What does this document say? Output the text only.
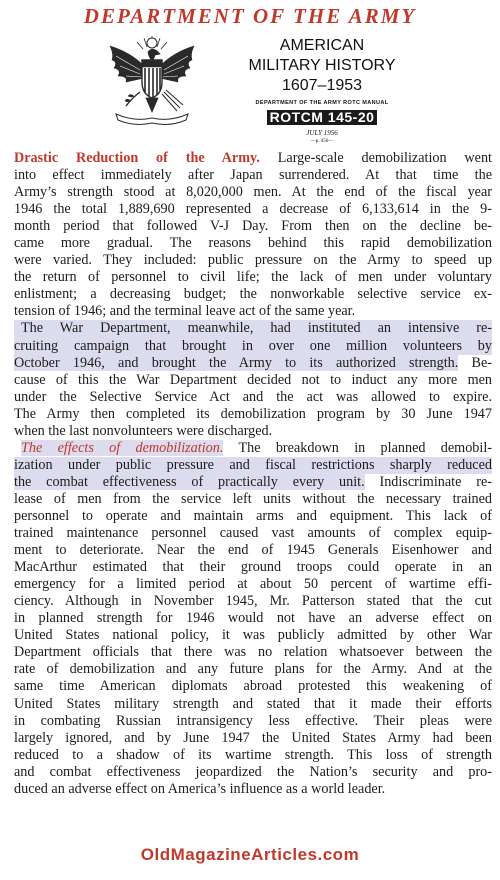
DEPARTMENT OF THE ARMY
AMERICAN
MILITARY HISTORY
1607–1953
DEPARTMENT OF THE ARMY ROTC MANUAL
ROTCM 145-20
JULY 1956
—p. 456—
Drastic Reduction of the Army. Large-scale demobilization went
into effect immediately after Japan surrendered. At that time the
Army’s strength stood at 8,020,000 men. At the end of the fiscal year
1946 the total 1,889,690 represented a decrease of 6,133,614 in the 9-
month period that followed V-J Day. From then on the decline be-
came more gradual. The reasons behind this rapid demobilization
were varied. They included: public pressure on the Army to speed up
the return of personnel to civil life; the lack of men under voluntary
enlistment; a decreasing budget; the nonworkable selective service ex-
tension of 1946; and the terminal leave act of the same year.
The War Department, meanwhile, had instituted an intensive re-
cruiting campaign that brought in over one million volunteers by
October 1946, and brought the Army to its authorized strength. Be-
cause of this the War Department decided not to induct any more men
under the Selective Service Act and the act was allowed to expire.
The Army then completed its demobilization program by 30 June 1947
when the last nonvolunteers were discharged.
The effects of demobilization. The breakdown in planned demobil-
ization under public pressure and fiscal restrictions sharply reduced
the combat effectiveness of practically every unit. Indiscriminate re-
lease of men from the service left units without the necessary trained
personnel to operate and maintain arms and equipment. This lack of
trained maintenance personnel caused vast amounts of complex equip-
ment to deteriorate. Near the end of 1945 Generals Eisenhower and
MacArthur estimated that their ground troops could operate in an
emergency for a limited period at about 50 percent of wartime effi-
ciency. Although in November 1945, Mr. Patterson stated that the cut
in planned strength for 1946 would not have an adverse effect on
United States national policy, it was publicly admitted by other War
Department officials that there was no relation whatsoever between the
rate of demobilization and any future plans for the Army. And at the
same time American diplomats abroad protested this weakening of
United States military strength and stated that it made their efforts
in combating Russian intransigency less effective. Their pleas were
largely ignored, and by June 1947 the United States Army had been
reduced to a shadow of its wartime strength. This loss of strength
and combat effectiveness jeopardized the Nation’s security and pro-
duced an adverse effect on America’s influence as a world leader.
OldMagazineArticles.com
